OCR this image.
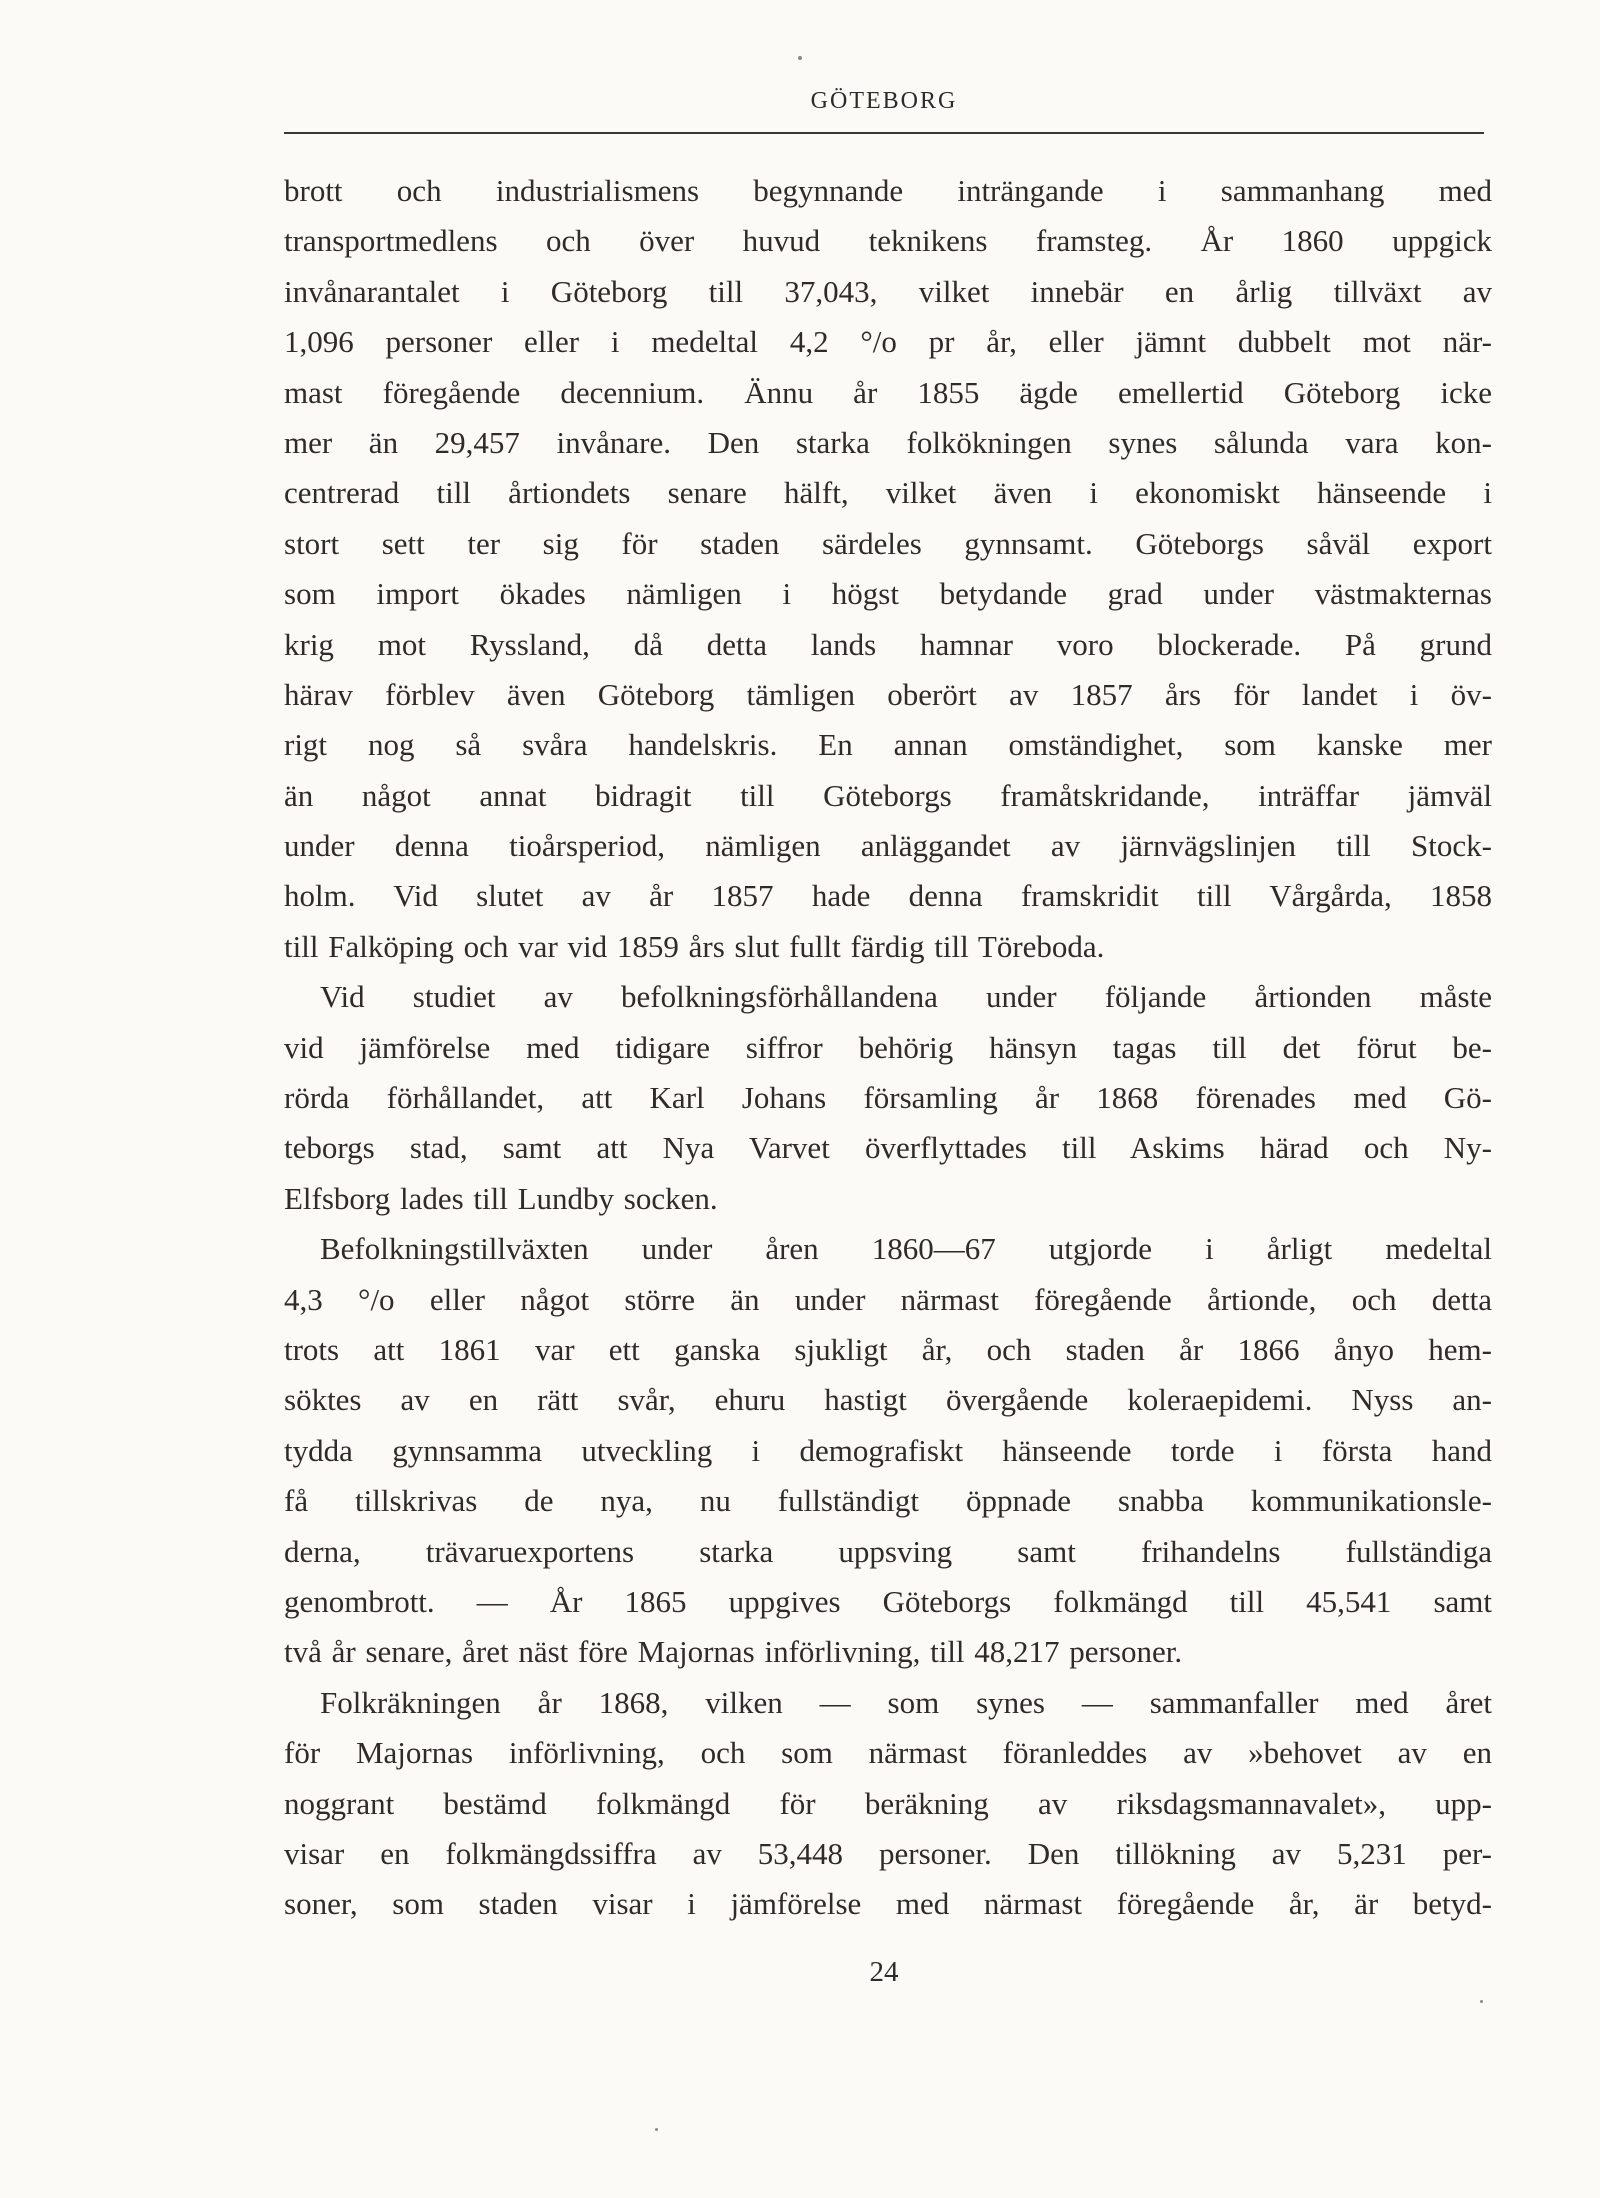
GÖTEBORG
brott och industrialismens begynnande inträngande i sammanhang med
transportmedlens och över huvud teknikens framsteg. År 1860 uppgick
invånarantalet i Göteborg till 37,043, vilket innebär en årlig tillväxt av
1,096 personer eller i medeltal 4,2 °/o pr år, eller jämnt dubbelt mot när-
mast föregående decennium. Ännu år 1855 ägde emellertid Göteborg icke
mer än 29,457 invånare. Den starka folkökningen synes sålunda vara kon-
centrerad till årtiondets senare hälft, vilket även i ekonomiskt hänseende i
stort sett ter sig för staden särdeles gynnsamt. Göteborgs såväl export
som import ökades nämligen i högst betydande grad under västmakternas
krig mot Ryssland, då detta lands hamnar voro blockerade. På grund
härav förblev även Göteborg tämligen oberört av 1857 års för landet i öv-
rigt nog så svåra handelskris. En annan omständighet, som kanske mer
än något annat bidragit till Göteborgs framåtskridande, inträffar jämväl
under denna tioårsperiod, nämligen anläggandet av järnvägslinjen till Stock-
holm. Vid slutet av år 1857 hade denna framskridit till Vårgårda, 1858
till Falköping och var vid 1859 års slut fullt färdig till Töreboda.
Vid studiet av befolkningsförhållandena under följande årtionden måste
vid jämförelse med tidigare siffror behörig hänsyn tagas till det förut be-
rörda förhållandet, att Karl Johans församling år 1868 förenades med Gö-
teborgs stad, samt att Nya Varvet överflyttades till Askims härad och Ny-
Elfsborg lades till Lundby socken.
Befolkningstillväxten under åren 1860—67 utgjorde i årligt medeltal
4,3 °/o eller något större än under närmast föregående årtionde, och detta
trots att 1861 var ett ganska sjukligt år, och staden år 1866 ånyo hem-
söktes av en rätt svår, ehuru hastigt övergående koleraepidemi. Nyss an-
tydda gynnsamma utveckling i demografiskt hänseende torde i första hand
få tillskrivas de nya, nu fullständigt öppnade snabba kommunikationsle-
derna, trävaruexportens starka uppsving samt frihandelns fullständiga
genombrott. — År 1865 uppgives Göteborgs folkmängd till 45,541 samt
två år senare, året näst före Majornas införlivning, till 48,217 personer.
Folkräkningen år 1868, vilken — som synes — sammanfaller med året
för Majornas införlivning, och som närmast föranleddes av »behovet av en
noggrant bestämd folkmängd för beräkning av riksdagsmannavalet», upp-
visar en folkmängdssiffra av 53,448 personer. Den tillökning av 5,231 per-
soner, som staden visar i jämförelse med närmast föregående år, är betyd-
24
